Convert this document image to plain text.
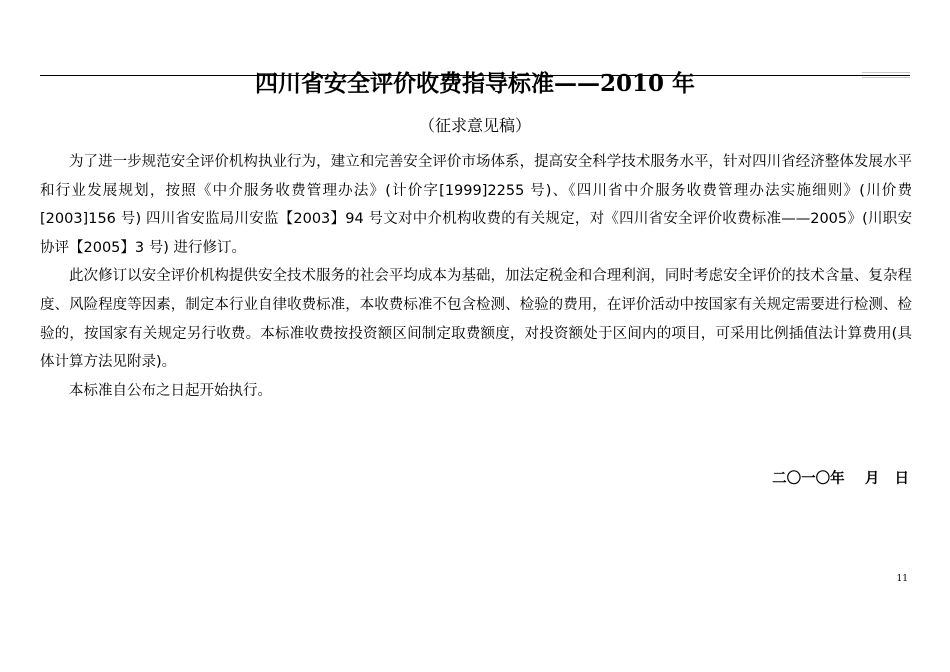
四川省安全评价收费指导标准——2010 年
（征求意见稿）

为了进一步规范安全评价机构执业行为，建立和完善安全评价市场体系，提高安全科学技术服务水平，针对四川省经济整体发展水平和行业发展规划，按照《中介服务收费管理办法》(计价字[1999]2255 号)、《四川省中介服务收费管理办法实施细则》(川价费[2003]156 号) 四川省安监局川安监【2003】94 号文对中介机构收费的有关规定，对《四川省安全评价收费标准——2005》(川职安协评【2005】3 号) 进行修订。

此次修订以安全评价机构提供安全技术服务的社会平均成本为基础，加法定税金和合理利润，同时考虑安全评价的技术含量、复杂程度、风险程度等因素，制定本行业自律收费标准，本收费标准不包含检测、检验的费用，在评价活动中按国家有关规定需要进行检测、检验的，按国家有关规定另行收费。本标准收费按投资额区间制定取费额度，对投资额处于区间内的项目，可采用比例插值法计算费用(具体计算方法见附录)。

本标准自公布之日起开始执行。

二〇一〇年    月   日
11
